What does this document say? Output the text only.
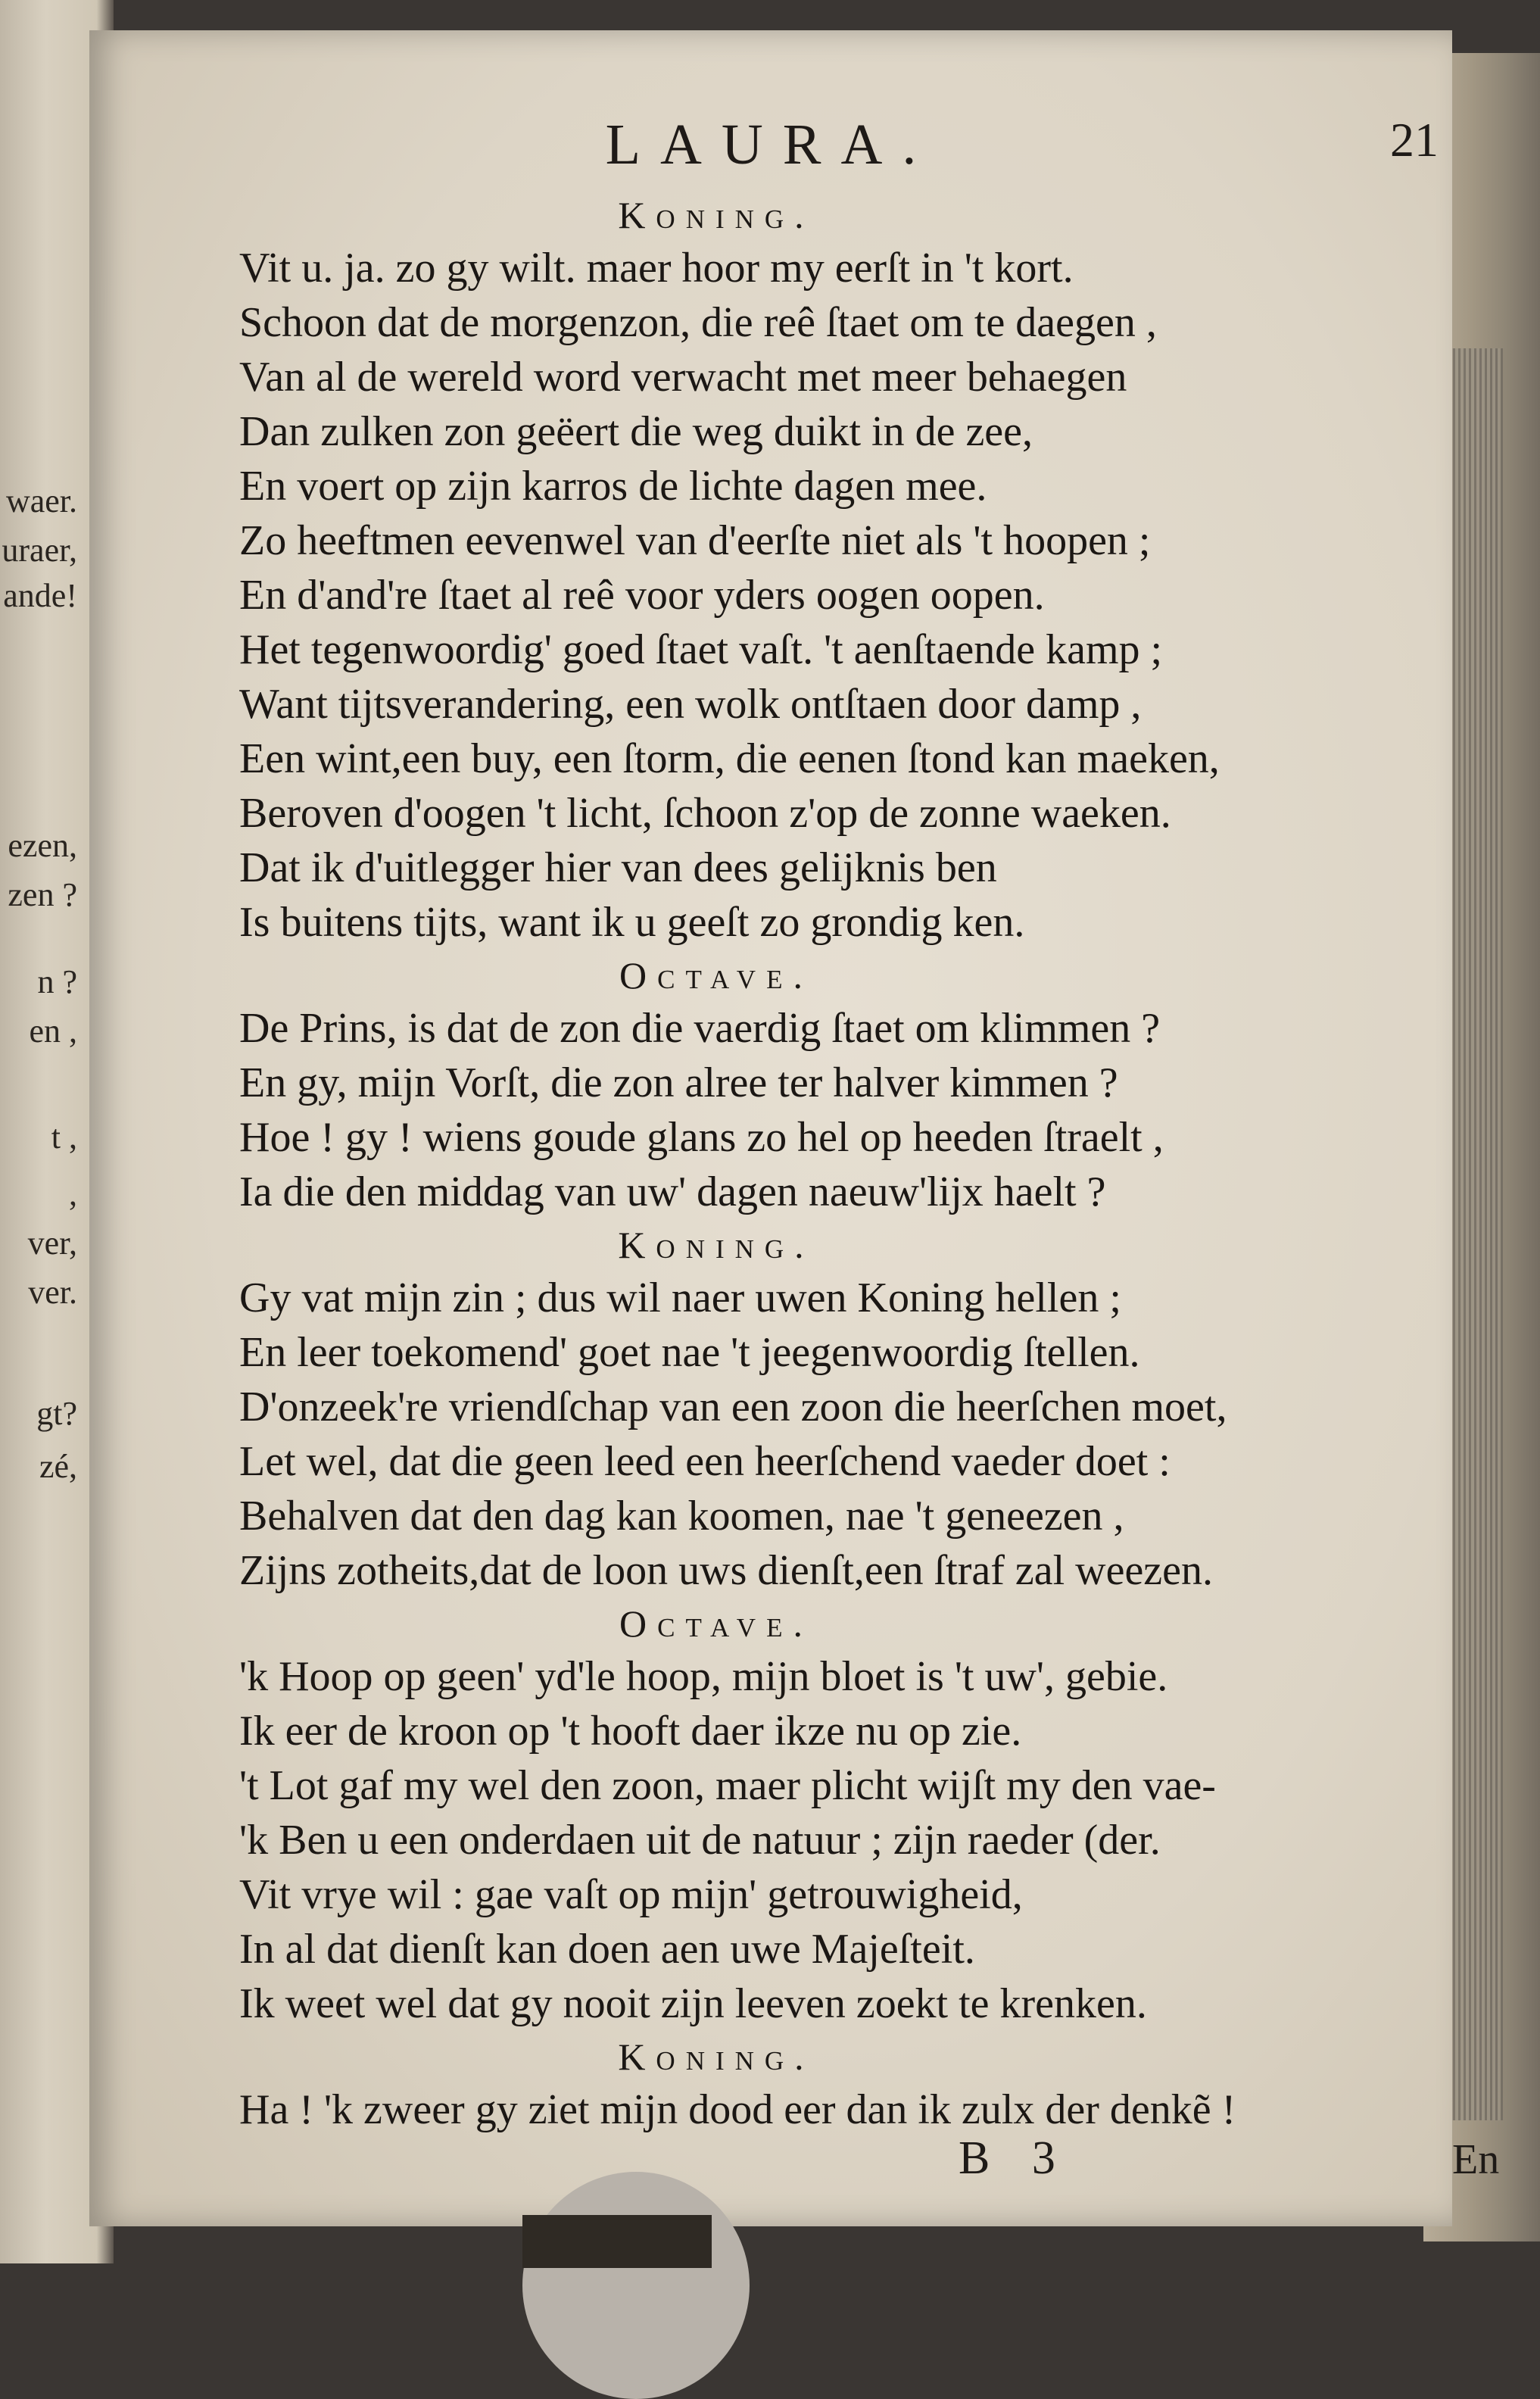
waer.
uraer,
ande!
ezen,
zen ?
n ?
en ,
t ,
,
ver,
ver.
gt?
zé,
LAURA.	21
Koning.
Vit u. ja. zo gy wilt. maer hoor my eerſt in 't kort.
Schoon dat de morgenzon, die reê ſtaet om te daegen ,
Van al de wereld word verwacht met meer behaegen
Dan zulken zon geëert die weg duikt in de zee,
En voert op zijn karros de lichte dagen mee.
Zo heeftmen eevenwel van d'eerſte niet als 't hoopen ;
En d'and're ſtaet al reê voor yders oogen oopen.
Het tegenwoordig' goed ſtaet vaſt. 't aenſtaende kamp ;
Want tijtsverandering, een wolk ontſtaen door damp ,
Een wint,een buy, een ſtorm, die eenen ſtond kan maeken,
Beroven d'oogen 't licht, ſchoon z'op de zonne waeken.
Dat ik d'uitlegger hier van dees gelijknis ben
Is buitens tijts, want ik u geeſt zo grondig ken.
Octave.
De Prins, is dat de zon die vaerdig ſtaet om klimmen ?
En gy, mijn Vorſt, die zon alree ter halver kimmen ?
Hoe ! gy ! wiens goude glans zo hel op heeden ſtraelt ,
Ia die den middag van uw' dagen naeuw'lijx haelt ?
Koning.
Gy vat mijn zin ; dus wil naer uwen Koning hellen ;
En leer toekomend' goet nae 't jeegenwoordig ſtellen.
D'onzeek're vriendſchap van een zoon die heerſchen moet,
Let wel, dat die geen leed een heerſchend vaeder doet :
Behalven dat den dag kan koomen, nae 't geneezen ,
Zijns zotheits,dat de loon uws dienſt,een ſtraf zal weezen.
Octave.
'k Hoop op geen' yd'le hoop, mijn bloet is 't uw', gebie.
Ik eer de kroon op 't hooft daer ikze nu op zie.
't Lot gaf my wel den zoon, maer plicht wijſt my den vae-
'k Ben u een onderdaen uit de natuur ; zijn raeder (der.
Vit vrye wil : gae vaſt op mijn' getrouwigheid,
In al dat dienſt kan doen aen uwe Majeſteit.
Ik weet wel dat gy nooit zijn leeven zoekt te krenken.
Koning.
Ha ! 'k zweer gy ziet mijn dood eer dan ik zulx der denkẽ !
B 3	En
